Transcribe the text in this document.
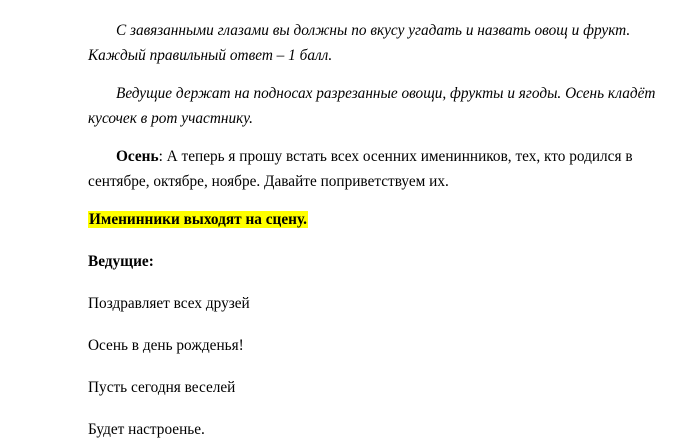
С завязанными глазами вы должны по вкусу угадать и назвать овощ и фрукт. Каждый правильный ответ – 1 балл.

Ведущие держат на подносах разрезанные овощи, фрукты и ягоды. Осень кладёт кусочек в рот участнику.

Осень: А теперь я прошу встать всех осенних именинников, тех, кто родился в сентябре, октябре, ноябре. Давайте поприветствуем их.

Именинники выходят на сцену.

Ведущие:

Поздравляет всех друзей

Осень в день рожденья!

Пусть сегодня веселей

Будет настроенье.
